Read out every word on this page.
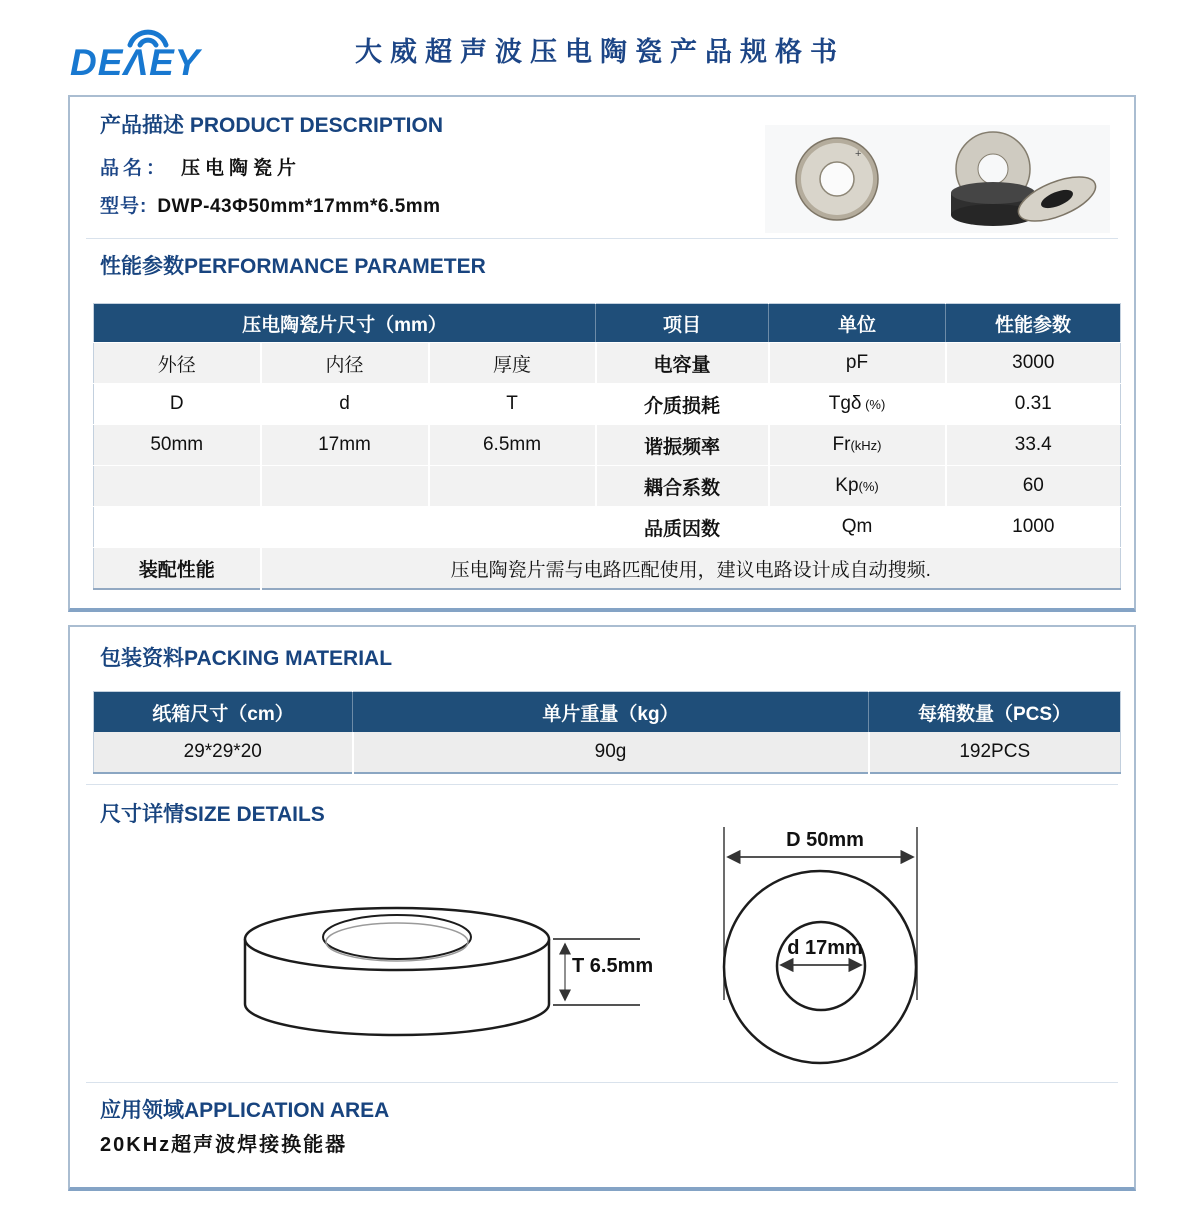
DEΛEY	大威超声波压电陶瓷产品规格书
产品描述 PRODUCT DESCRIPTION
品名： 压电陶瓷片
型号: DWP-43Φ50mm*17mm*6.5mm
+
性能参数PERFORMANCE PARAMETER
压电陶瓷片尺寸（mm）			项目	单位	性能参数
外径	内径	厚度	电容量	pF	3000
D	d	T	介质损耗	Tgδ (%)	0.31
50mm	17mm	6.5mm	谐振频率	Fr(kHz)	33.4
			耦合系数	Kp(%)	60
			品质因数	Qm	1000
装配性能	压电陶瓷片需与电路匹配使用，建议电路设计成自动搜频.				
包装资料PACKING MATERIAL
纸箱尺寸（cm）	单片重量（kg）	每箱数量（PCS）
29*29*20	90g	192PCS
尺寸详情SIZE DETAILS
T 6.5mm
D 50mm
d 17mm
应用领域APPLICATION AREA
20KHz超声波焊接换能器
